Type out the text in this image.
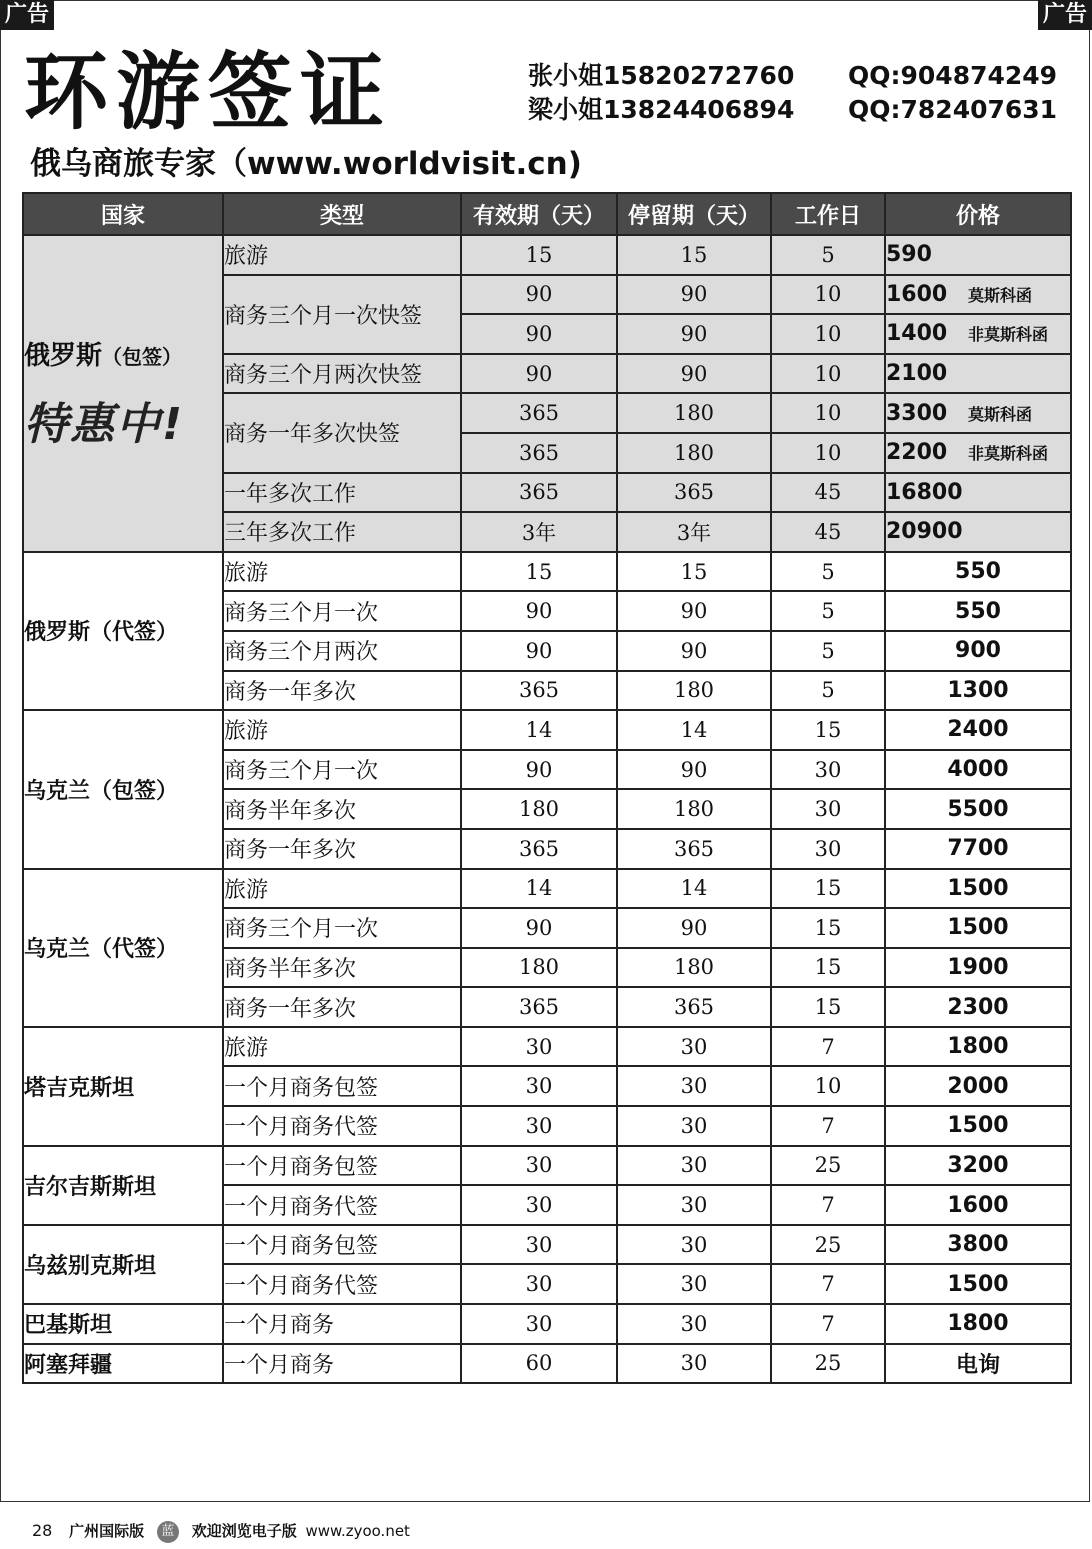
广告	广告
环游签证	张小姐15820272760 QQ:904874249
梁小姐13824406894 QQ:782407631
俄乌商旅专家（www.worldvisit.cn)
国家	类型	有效期（天）	停留期（天）	工作日	价格
俄罗斯（包签）
特惠中!	旅游	15	15	5	590
	商务三个月一次快签	90	90	10	1600 莫斯科函
		90	90	10	1400 非莫斯科函
	商务三个月两次快签	90	90	10	2100
	商务一年多次快签	365	180	10	3300 莫斯科函
		365	180	10	2200 非莫斯科函
	一年多次工作	365	365	45	16800
	三年多次工作	3年	3年	45	20900
俄罗斯（代签）	旅游	15	15	5	550
	商务三个月一次	90	90	5	550
	商务三个月两次	90	90	5	900
	商务一年多次	365	180	5	1300
乌克兰（包签）	旅游	14	14	15	2400
	商务三个月一次	90	90	30	4000
	商务半年多次	180	180	30	5500
	商务一年多次	365	365	30	7700
乌克兰（代签）	旅游	14	14	15	1500
	商务三个月一次	90	90	15	1500
	商务半年多次	180	180	15	1900
	商务一年多次	365	365	15	2300
塔吉克斯坦	旅游	30	30	7	1800
	一个月商务包签	30	30	10	2000
	一个月商务代签	30	30	7	1500
吉尔吉斯斯坦	一个月商务包签	30	30	25	3200
	一个月商务代签	30	30	7	1600
乌兹别克斯坦	一个月商务包签	30	30	25	3800
	一个月商务代签	30	30	7	1500
巴基斯坦	一个月商务	30	30	7	1800
阿塞拜疆	一个月商务	60	30	25	电询
28 广州国际版 蓝 欢迎浏览电子版 www.zyoo.net
